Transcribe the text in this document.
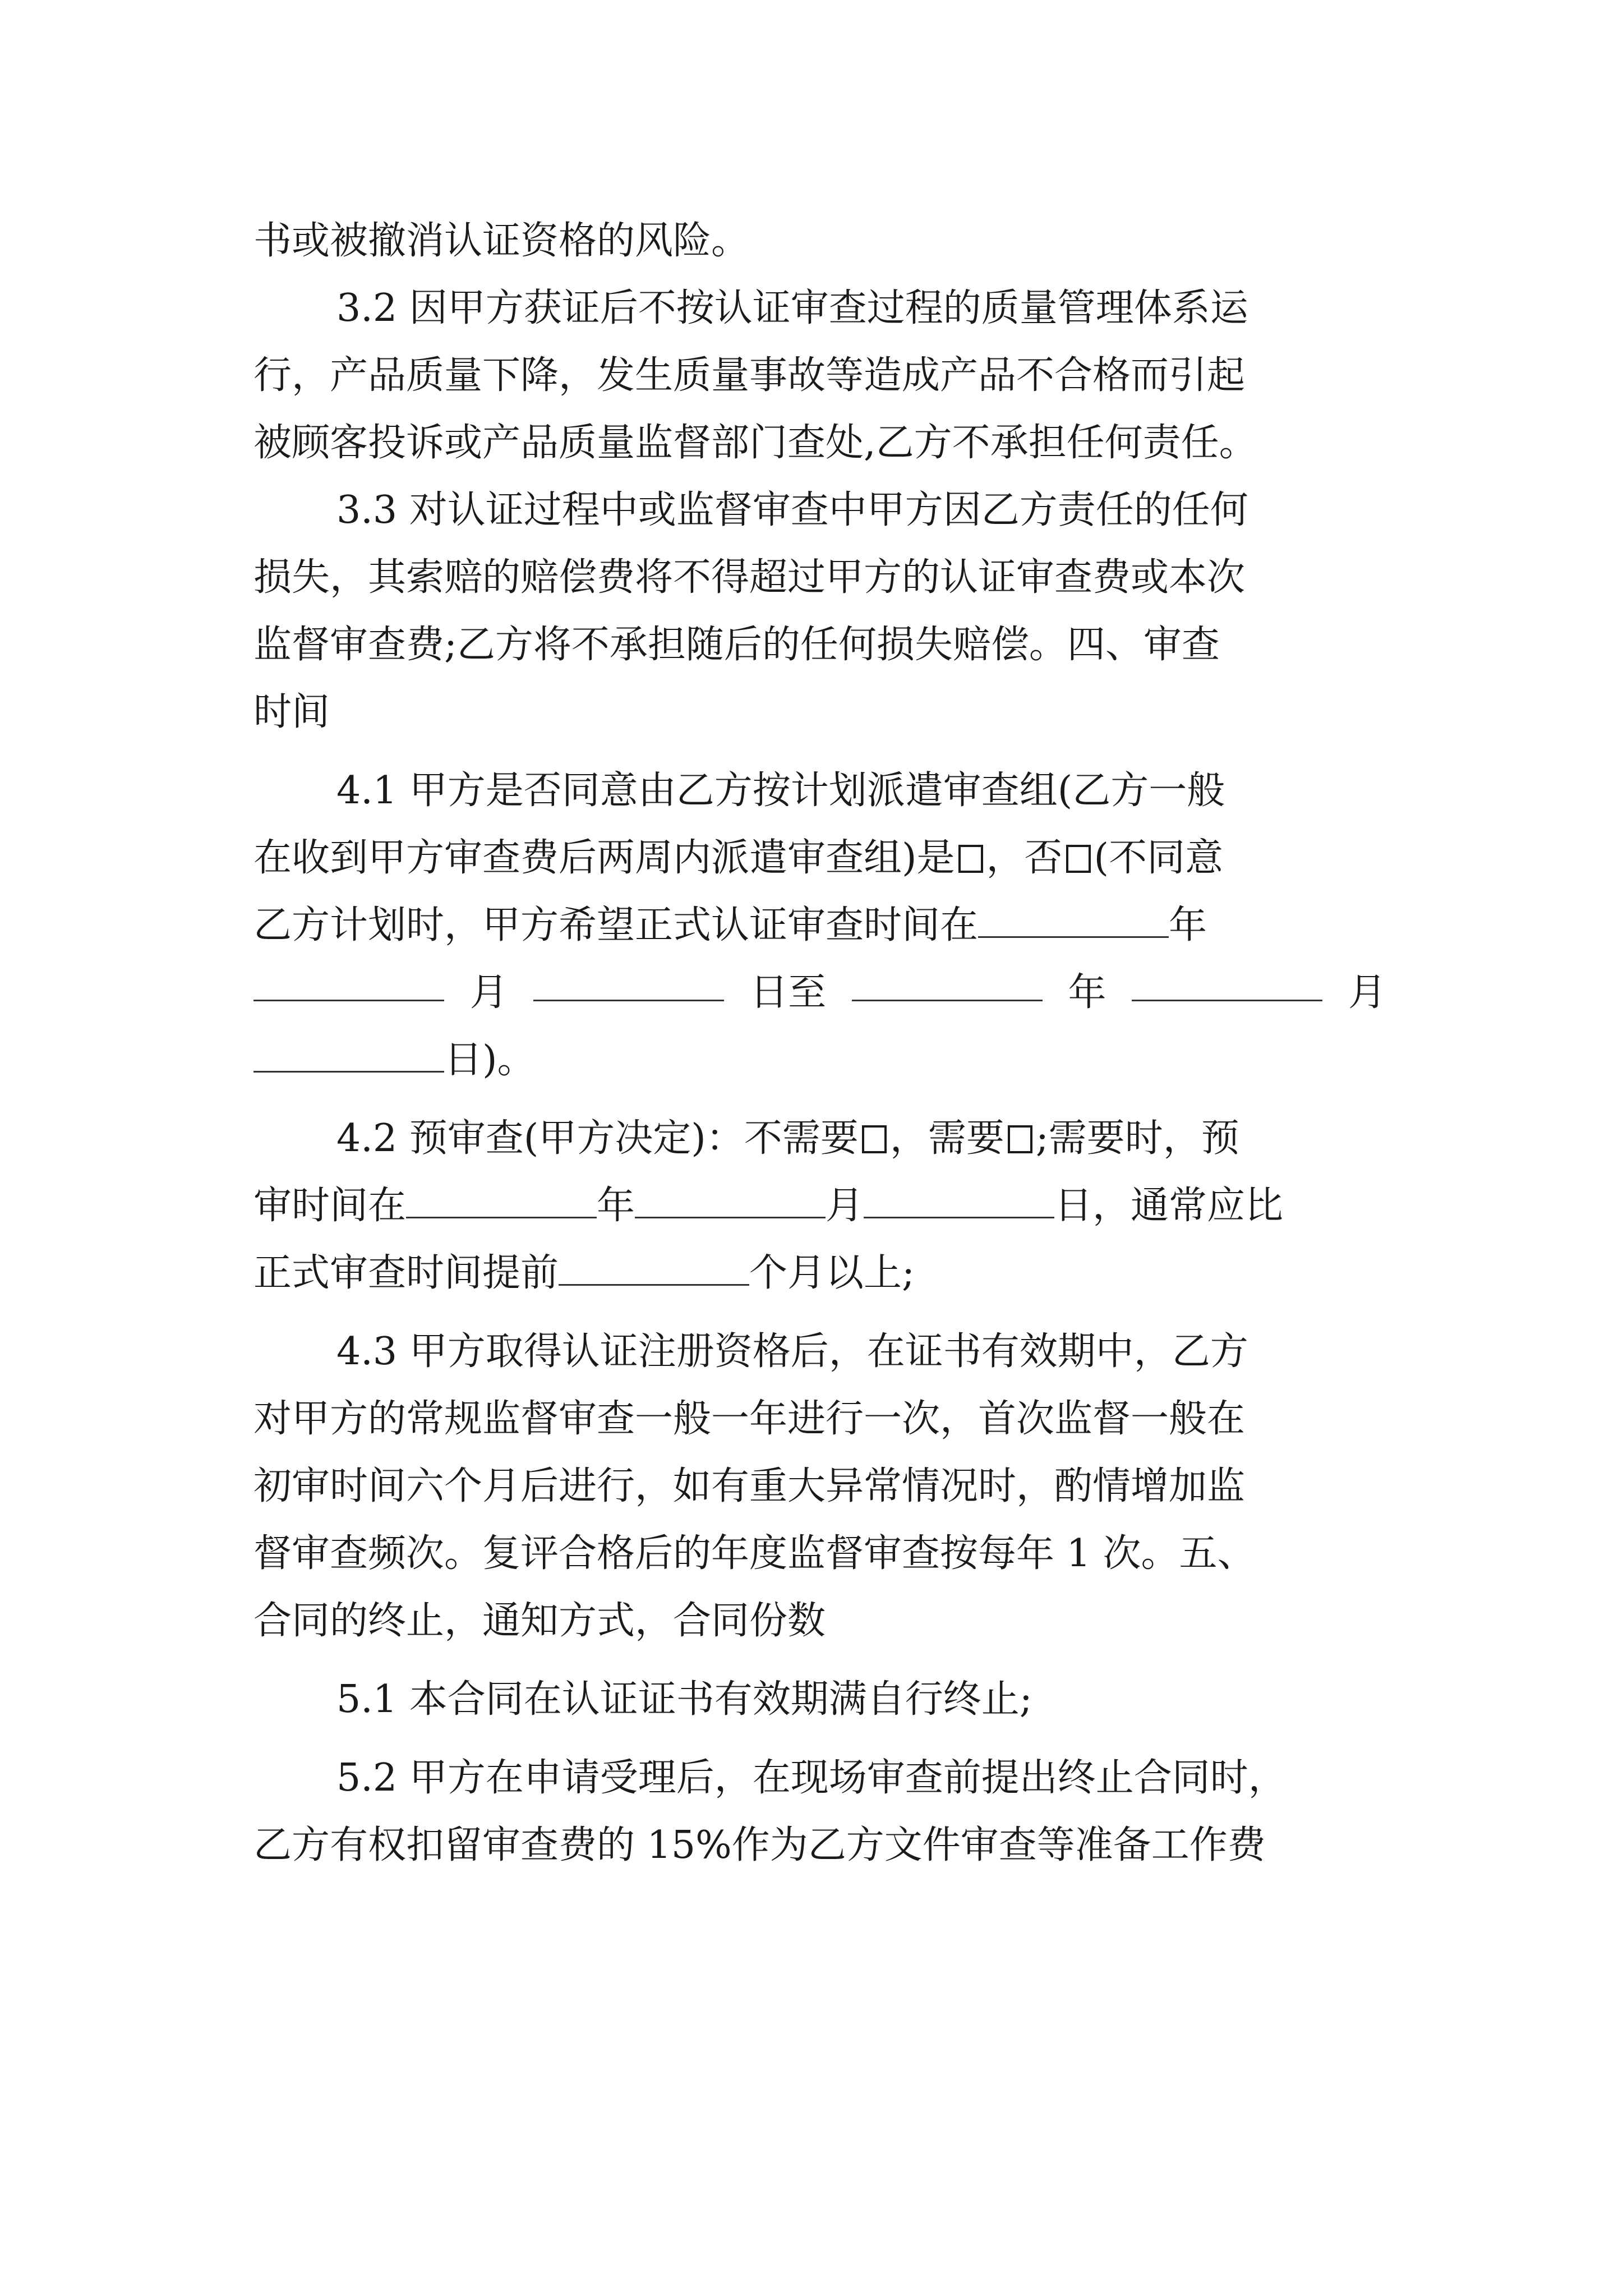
书或被撤消认证资格的风险。
3.2 因甲方获证后不按认证审查过程的质量管理体系运
行，产品质量下降，发生质量事故等造成产品不合格而引起
被顾客投诉或产品质量监督部门查处,乙方不承担任何责任。
3.3 对认证过程中或监督审查中甲方因乙方责任的任何
损失，其索赔的赔偿费将不得超过甲方的认证审查费或本次
监督审查费;乙方将不承担随后的任何损失赔偿。四、审查
时间
4.1 甲方是否同意由乙方按计划派遣审查组(乙方一般
在收到甲方审查费后两周内派遣审查组)是 ，否 (不同意
乙方计划时，甲方希望正式认证审查时间在	年
月	日至	年	月
日)。
4.2 预审查(甲方决定)：不需要 ，需要 ;需要时，预
审时间在	年	月	日，通常应比
正式审查时间提前	个月以上;
4.3 甲方取得认证注册资格后，在证书有效期中，乙方
对甲方的常规监督审查一般一年进行一次，首次监督一般在
初审时间六个月后进行，如有重大异常情况时，酌情增加监
督审查频次。复评合格后的年度监督审查按每年 1 次。五、
合同的终止，通知方式，合同份数
5.1 本合同在认证证书有效期满自行终止;
5.2 甲方在申请受理后，在现场审查前提出终止合同时，
乙方有权扣留审查费的 15%作为乙方文件审查等准备工作费
